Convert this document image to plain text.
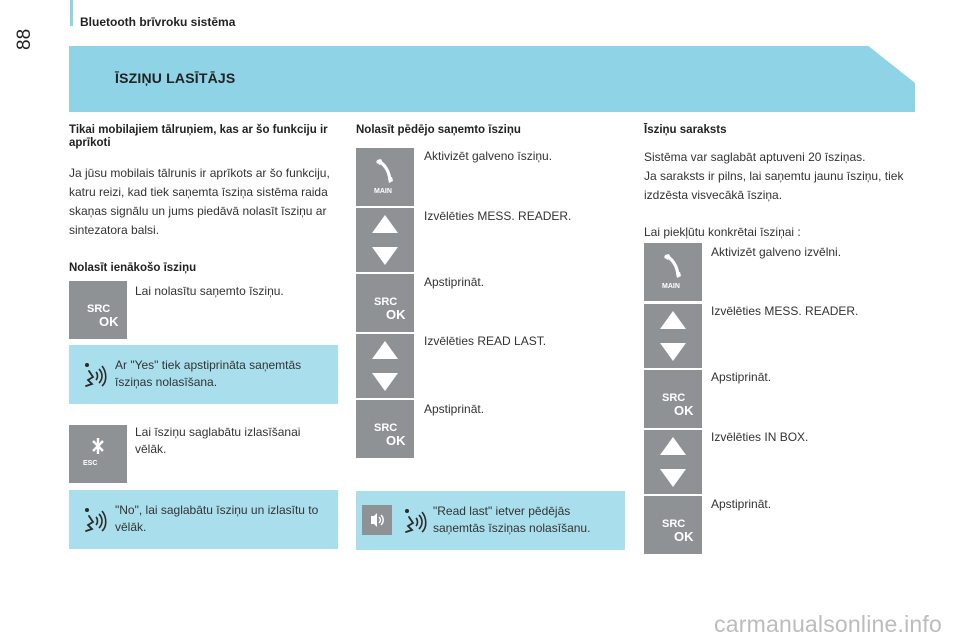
Bluetooth brīvroku sistēma
88
ĪSZIŅU LASĪTĀJS
Tikai mobilajiem tālruņiem, kas ar šo funkciju ir aprīkoti
Ja jūsu mobilais tālrunis ir aprīkots ar šo funkciju, katru reizi, kad tiek saņemta īsziņa sistēma raida skaņas signālu un jums piedāvā nolasīt īsziņu ar sintezatora balsi.
Nolasīt ienākošo īsziņu
SRC
OK
Lai nolasītu saņemto īsziņu.
Ar "Yes" tiek apstiprināta saņemtās īsziņas nolasīšana.
ESC
Lai īsziņu saglabātu izlasīšanai vēlāk.
"No", lai saglabātu īsziņu un izlasītu to vēlāk.
Nolasīt pēdējo saņemto īsziņu
MAIN
Aktivizēt galveno īsziņu.
Izvēlēties MESS. READER.
SRC
OK
Apstiprināt.
Izvēlēties READ LAST.
SRC
OK
Apstiprināt.
"Read last" ietver pēdējās saņemtās īsziņas nolasīšanu.
Īsziņu saraksts
Sistēma var saglabāt aptuveni 20 īsziņas.
Ja saraksts ir pilns, lai saņemtu jaunu īsziņu, tiek izdzēsta visvecākā īsziņa.
Lai piekļūtu konkrētai īsziņai :
MAIN
Aktivizēt galveno izvēlni.
Izvēlēties MESS. READER.
SRC
OK
Apstiprināt.
Izvēlēties IN BOX.
SRC
OK
Apstiprināt.
carmanualsonline.info
